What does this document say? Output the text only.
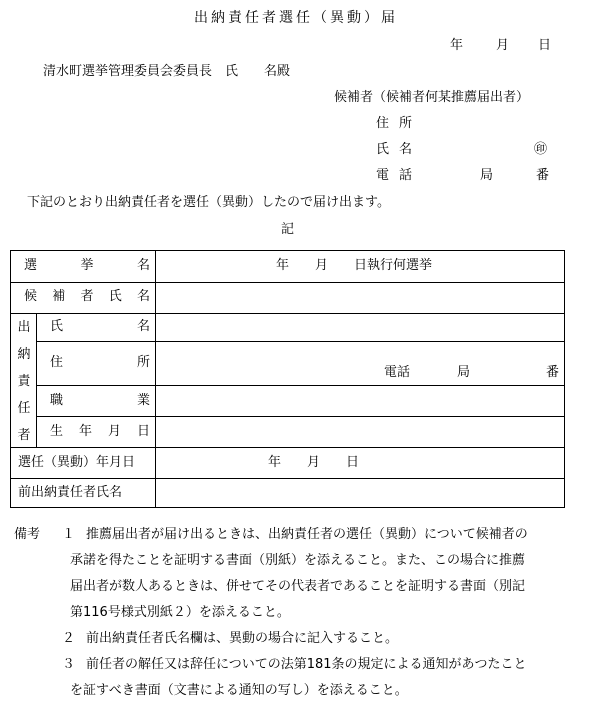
出納責任者選任（異動）届
年	月 日
清水町選挙管理委員会委員長　氏　　名殿
候補者（候補者何某推薦届出者）
住 所
氏 名	㊞
電 話	局	番
下記のとおり出納責任者を選任（異動）したので届け出ます。
記
選	挙	名	年　　月　　日執行何選挙
候 補 者 氏 名
出
納
責
任
者
氏	名
住	所
電話	局	番
職	業
生 年 月 日
選任（異動）年月日	年　　月　　日
前出納責任者氏名
備考 １ 推薦届出者が届け出るときは、出納責任者の選任（異動）について候補者の
承諾を得たことを証明する書面（別紙）を添えること。また、この場合に推薦
届出者が数人あるときは、併せてその代表者であることを証明する書面（別記
第116号様式別紙２）を添えること。
２ 前出納責任者氏名欄は、異動の場合に記入すること。
３ 前任者の解任又は辞任についての法第181条の規定による通知があつたこと
を証すべき書面（文書による通知の写し）を添えること。
